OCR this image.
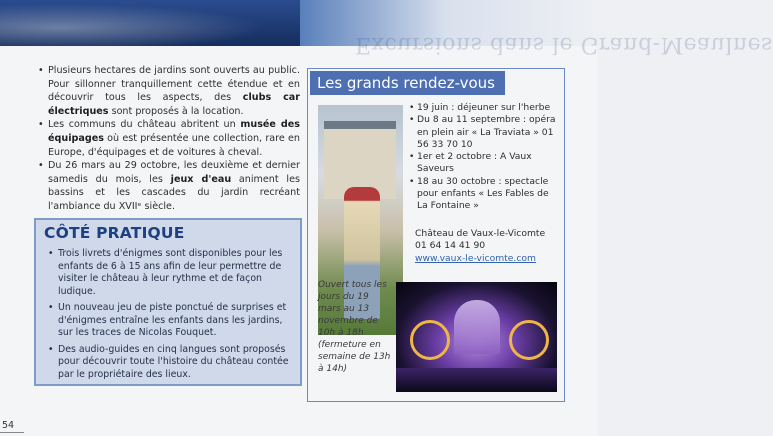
Excursions dans le Grand-Meaulnes
• Plusieurs hectares de jardins sont ouverts au public. Pour sillonner tranquillement cette étendue et en découvrir tous les aspects, des clubs car électriques sont proposés à la location.
• Les communs du château abritent un musée des équipages où est présentée une collection, rare en Europe, d'équipages et de voitures à cheval.
• Du 26 mars au 29 octobre, les deuxième et dernier samedis du mois, les jeux d'eau animent les bassins et les cascades du jardin recréant l'ambiance du XVIIᵉ siècle.
CÔTÉ PRATIQUE
• Trois livrets d'énigmes sont disponibles pour les enfants de 6 à 15 ans afin de leur permettre de visiter le château à leur rythme et de façon ludique.
• Un nouveau jeu de piste ponctué de surprises et d'énigmes entraîne les enfants dans les jardins, sur les traces de Nicolas Fouquet.
• Des audio-guides en cinq langues sont proposés pour découvrir toute l'histoire du château contée par le propriétaire des lieux.
Les grands rendez-vous
• 19 juin : déjeuner sur l'herbe
• Du 8 au 11 septembre : opéra en plein air « La Traviata » 01 56 33 70 10
• 1er et 2 octobre : A Vaux Saveurs
• 18 au 30 octobre : spectacle pour enfants « Les Fables de La Fontaine »
Château de Vaux-le-Vicomte
01 64 14 41 90
www.vaux-le-vicomte.com
Ouvert tous les jours du 19 mars au 13 novembre de 10h à 18h (fermeture en semaine de 13h à 14h)
54
